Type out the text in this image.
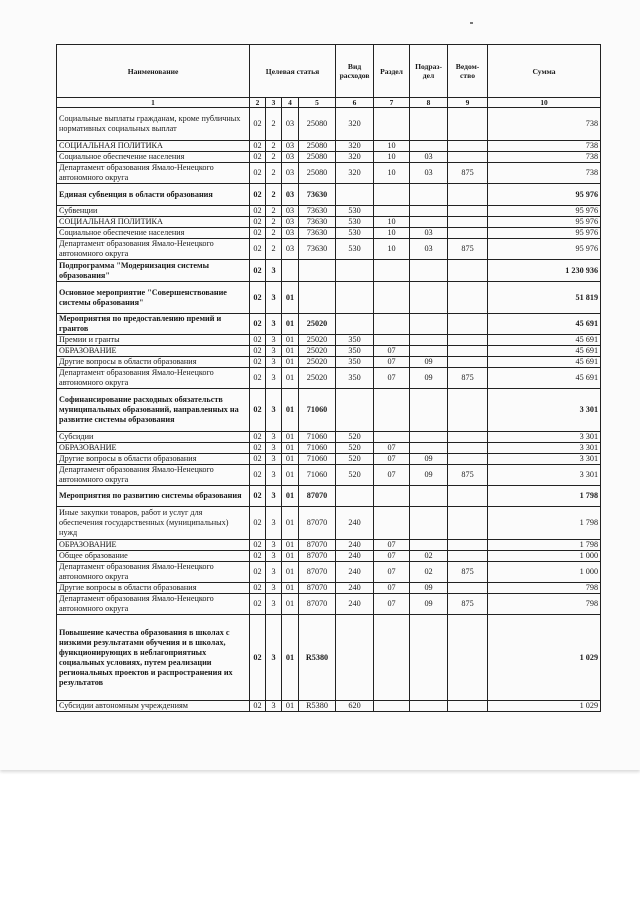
Наименование	Целевая статья				Вид расходов	Раздел	Подраз-дел	Ведом-ство	Сумма
1	2	3	4	5	6	7	8	9	10
Социальные выплаты гражданам, кроме публичных нормативных социальных выплат	02	2	03	25080	320				738
СОЦИАЛЬНАЯ ПОЛИТИКА	02	2	03	25080	320	10			738
Социальное обеспечение населения	02	2	03	25080	320	10	03		738
Департамент образования Ямало-Ненецкого автономного округа	02	2	03	25080	320	10	03	875	738
Единая субвенция в области образования	02	2	03	73630					95 976
Субвенции	02	2	03	73630	530				95 976
СОЦИАЛЬНАЯ ПОЛИТИКА	02	2	03	73630	530	10			95 976
Социальное обеспечение населения	02	2	03	73630	530	10	03		95 976
Департамент образования Ямало-Ненецкого автономного округа	02	2	03	73630	530	10	03	875	95 976
Подпрограмма "Модернизация системы образования"	02	3							1 230 936
Основное мероприятие "Совершенствование системы образования"	02	3	01						51 819
Мероприятия по предоставлению премий и грантов	02	3	01	25020					45 691
Премии и гранты	02	3	01	25020	350				45 691
ОБРАЗОВАНИЕ	02	3	01	25020	350	07			45 691
Другие вопросы в области образования	02	3	01	25020	350	07	09		45 691
Департамент образования Ямало-Ненецкого автономного округа	02	3	01	25020	350	07	09	875	45 691
Софинансирование расходных обязательств муниципальных образований, направленных на развитие системы образования	02	3	01	71060					3 301
Субсидии	02	3	01	71060	520				3 301
ОБРАЗОВАНИЕ	02	3	01	71060	520	07			3 301
Другие вопросы в области образования	02	3	01	71060	520	07	09		3 301
Департамент образования Ямало-Ненецкого автономного округа	02	3	01	71060	520	07	09	875	3 301
Мероприятия по развитию системы образования	02	3	01	87070					1 798
Иные закупки товаров, работ и услуг для обеспечения государственных (муниципальных) нужд	02	3	01	87070	240				1 798
ОБРАЗОВАНИЕ	02	3	01	87070	240	07			1 798
Общее образование	02	3	01	87070	240	07	02		1 000
Департамент образования Ямало-Ненецкого автономного округа	02	3	01	87070	240	07	02	875	1 000
Другие вопросы в области образования	02	3	01	87070	240	07	09		798
Департамент образования Ямало-Ненецкого автономного округа	02	3	01	87070	240	07	09	875	798
Повышение качества образования в школах с низкими результатами обучения и в школах, функционирующих в неблагоприятных социальных условиях, путем реализации региональных проектов и распространения их результатов	02	3	01	R5380					1 029
Субсидии автономным учреждениям	02	3	01	R5380	620				1 029
